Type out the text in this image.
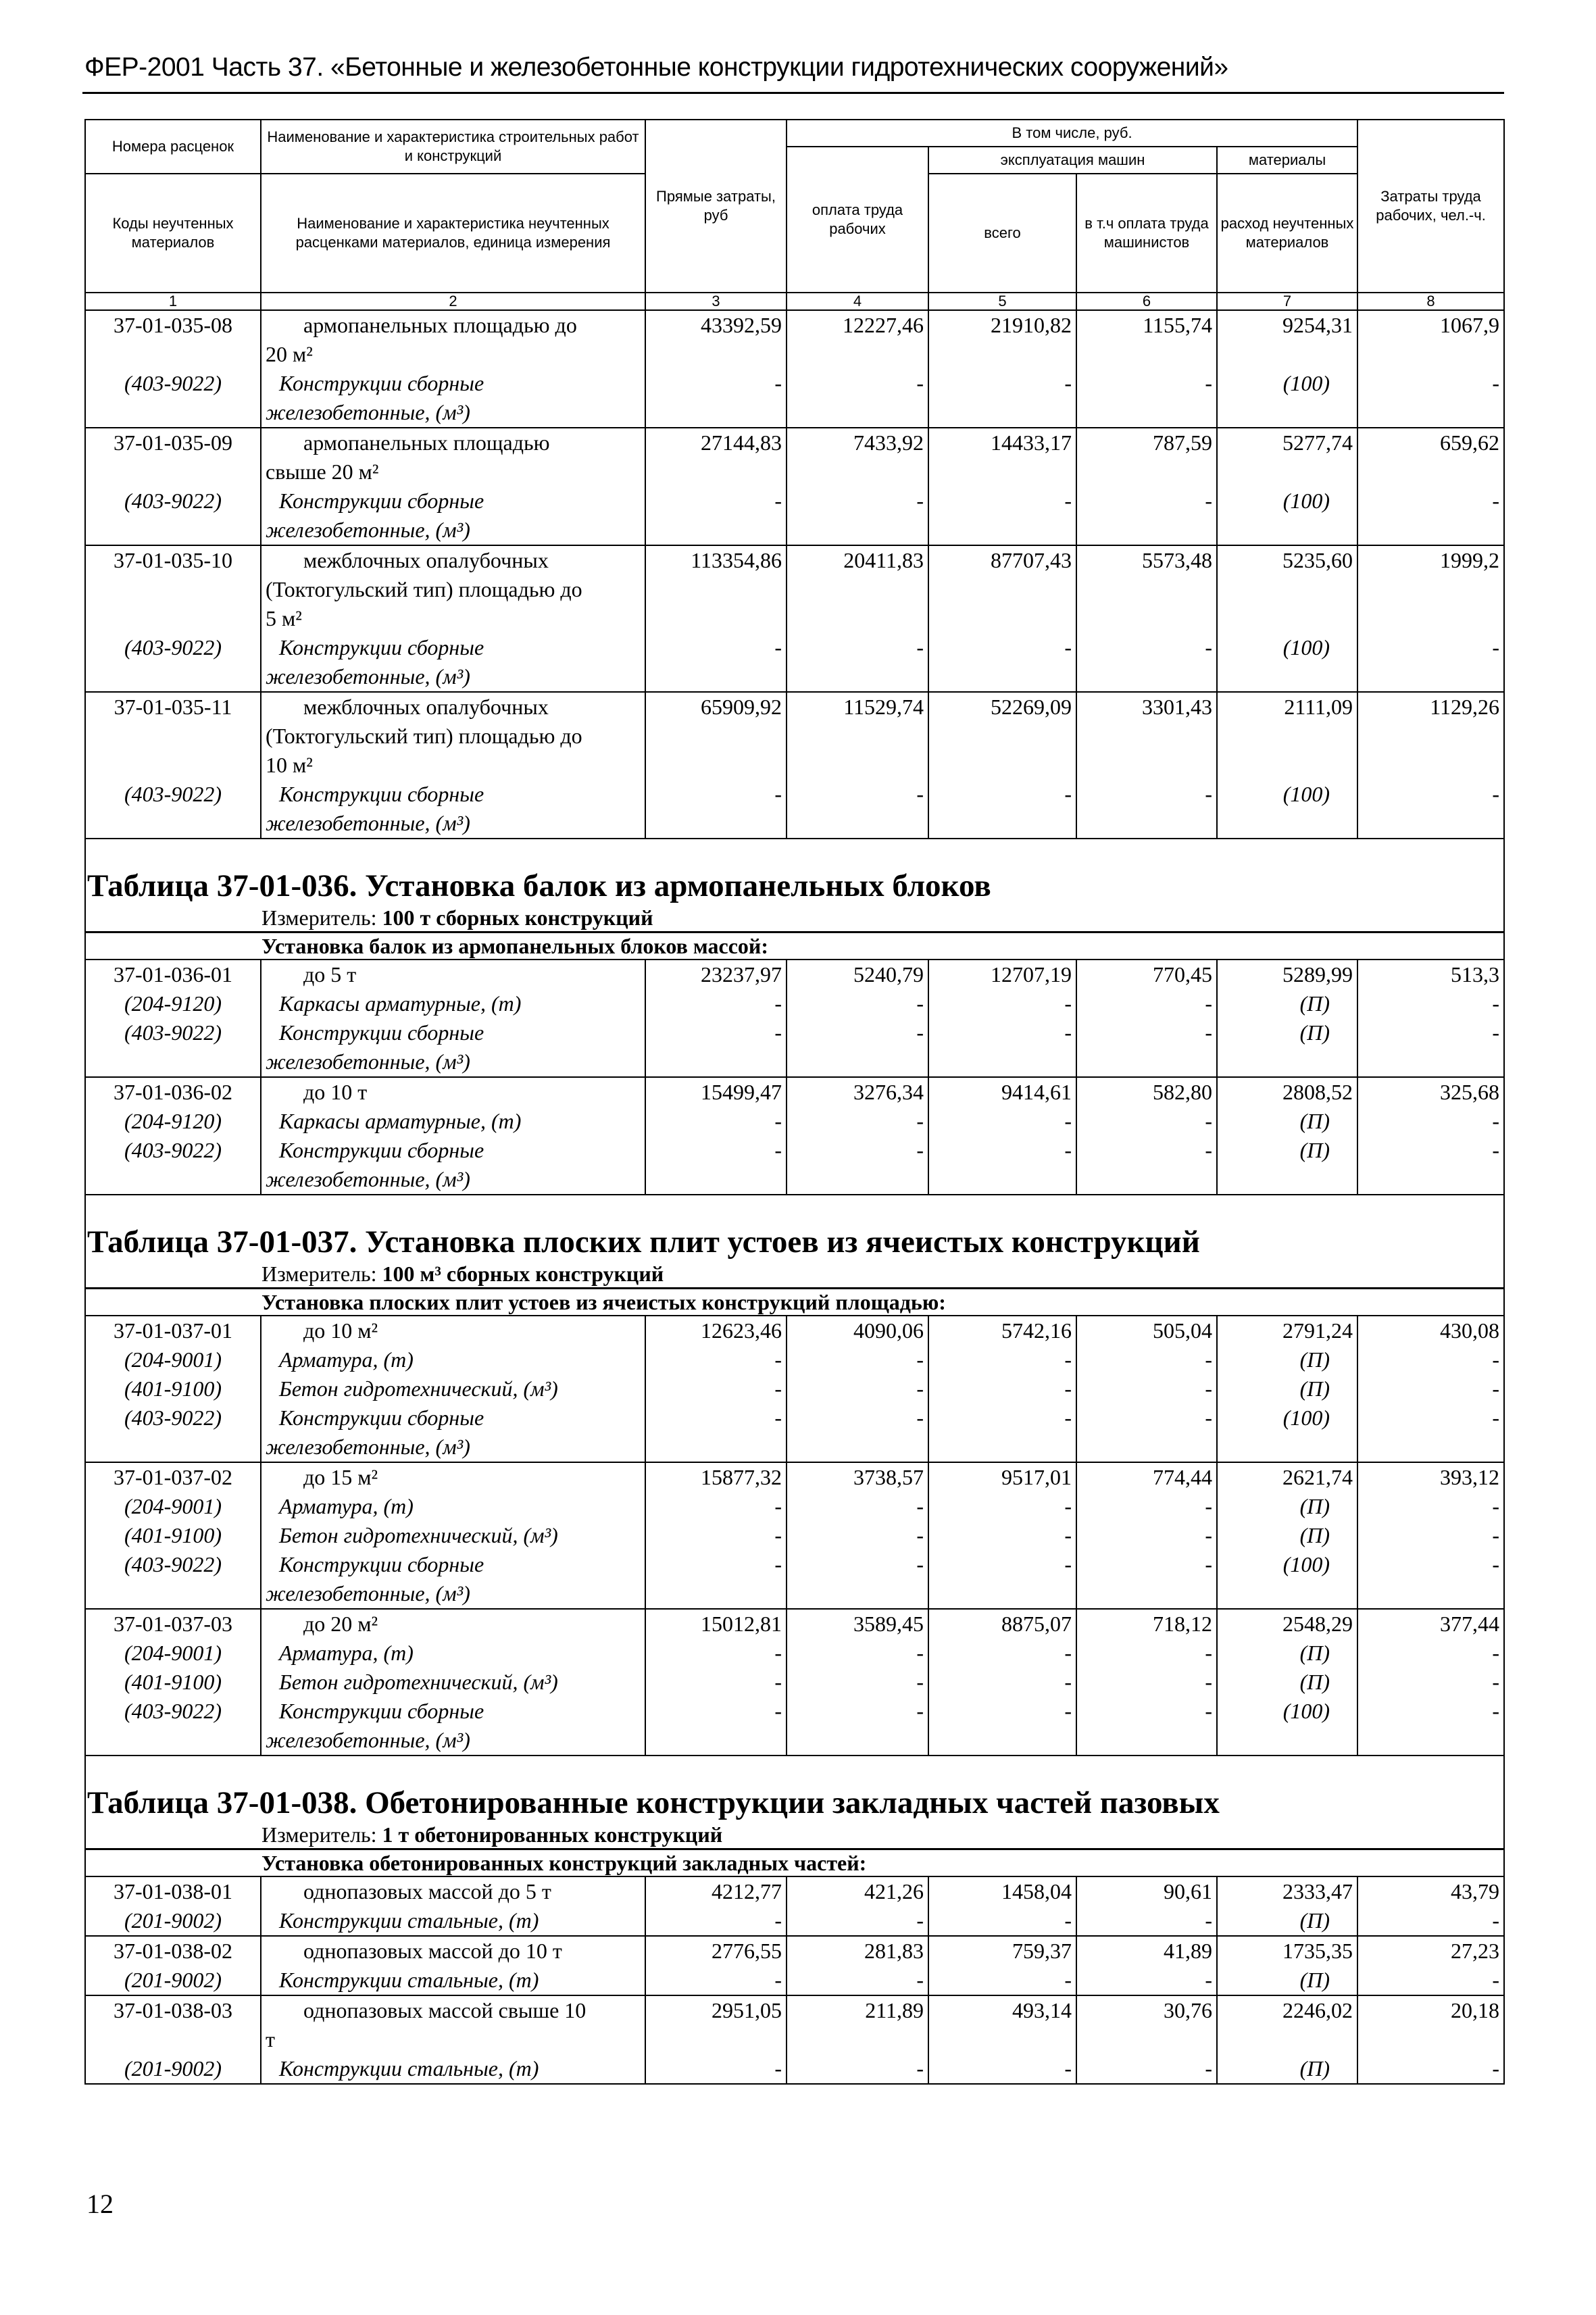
ФЕР-2001 Часть 37. «Бетонные и железобетонные конструкции гидротехнических сооружений»
Номера расценок	Наименование и характеристика строительных работ и конструкций	Прямые затраты, руб	В том числе, руб.				Затраты труда рабочих, чел.-ч.
			оплата труда рабочих	эксплуатация машин		материалы	
Коды неучтенных материалов	Наименование и характеристика неучтенных расценками материалов, единица измерения			всего	в т.ч оплата труда машинистов	расход неучтенных материалов	
1	2	3	4	5	6	7	8
37-01-035-08	армопанельных площадью до
20 м²	43392,59	12227,46	21910,82	1155,74	9254,31	1067,9
(403-9022)	Конструкции сборные
железобетонные, (м³)	-	-	-	-	(100)	-
37-01-035-09	армопанельных площадью
свыше 20 м²	27144,83	7433,92	14433,17	787,59	5277,74	659,62
(403-9022)	Конструкции сборные
железобетонные, (м³)	-	-	-	-	(100)	-
37-01-035-10	межблочных опалубочных
(Токтогульский тип) площадью до
5 м²	113354,86	20411,83	87707,43	5573,48	5235,60	1999,2
(403-9022)	Конструкции сборные
железобетонные, (м³)	-	-	-	-	(100)	-
37-01-035-11	межблочных опалубочных
(Токтогульский тип) площадью до
10 м²	65909,92	11529,74	52269,09	3301,43	2111,09	1129,26
(403-9022)	Конструкции сборные
железобетонные, (м³)	-	-	-	-	(100)	-
Таблица 37-01-036. Установка балок из армопанельных блоков							
Измеритель: 100 т сборных конструкций							
Установка балок из армопанельных блоков массой:							
37-01-036-01	до 5 т	23237,97	5240,79	12707,19	770,45	5289,99	513,3
(204-9120)	Каркасы арматурные, (т)	-	-	-	-	(П)	-
(403-9022)	Конструкции сборные
железобетонные, (м³)	-	-	-	-	(П)	-
37-01-036-02	до 10 т	15499,47	3276,34	9414,61	582,80	2808,52	325,68
(204-9120)	Каркасы арматурные, (т)	-	-	-	-	(П)	-
(403-9022)	Конструкции сборные
железобетонные, (м³)	-	-	-	-	(П)	-
Таблица 37-01-037. Установка плоских плит устоев из ячеистых конструкций							
Измеритель: 100 м³ сборных конструкций							
Установка плоских плит устоев из ячеистых конструкций площадью:							
37-01-037-01	до 10 м²	12623,46	4090,06	5742,16	505,04	2791,24	430,08
(204-9001)	Арматура, (т)	-	-	-	-	(П)	-
(401-9100)	Бетон гидротехнический, (м³)	-	-	-	-	(П)	-
(403-9022)	Конструкции сборные
железобетонные, (м³)	-	-	-	-	(100)	-
37-01-037-02	до 15 м²	15877,32	3738,57	9517,01	774,44	2621,74	393,12
(204-9001)	Арматура, (т)	-	-	-	-	(П)	-
(401-9100)	Бетон гидротехнический, (м³)	-	-	-	-	(П)	-
(403-9022)	Конструкции сборные
железобетонные, (м³)	-	-	-	-	(100)	-
37-01-037-03	до 20 м²	15012,81	3589,45	8875,07	718,12	2548,29	377,44
(204-9001)	Арматура, (т)	-	-	-	-	(П)	-
(401-9100)	Бетон гидротехнический, (м³)	-	-	-	-	(П)	-
(403-9022)	Конструкции сборные
железобетонные, (м³)	-	-	-	-	(100)	-
Таблица 37-01-038. Обетонированные конструкции закладных частей пазовых							
Измеритель: 1 т обетонированных конструкций							
Установка обетонированных конструкций закладных частей:							
37-01-038-01	однопазовых массой до 5 т	4212,77	421,26	1458,04	90,61	2333,47	43,79
(201-9002)	Конструкции стальные, (т)	-	-	-	-	(П)	-
37-01-038-02	однопазовых массой до 10 т	2776,55	281,83	759,37	41,89	1735,35	27,23
(201-9002)	Конструкции стальные, (т)	-	-	-	-	(П)	-
37-01-038-03	однопазовых массой свыше 10
т	2951,05	211,89	493,14	30,76	2246,02	20,18
(201-9002)	Конструкции стальные, (т)	-	-	-	-	(П)	-
12
